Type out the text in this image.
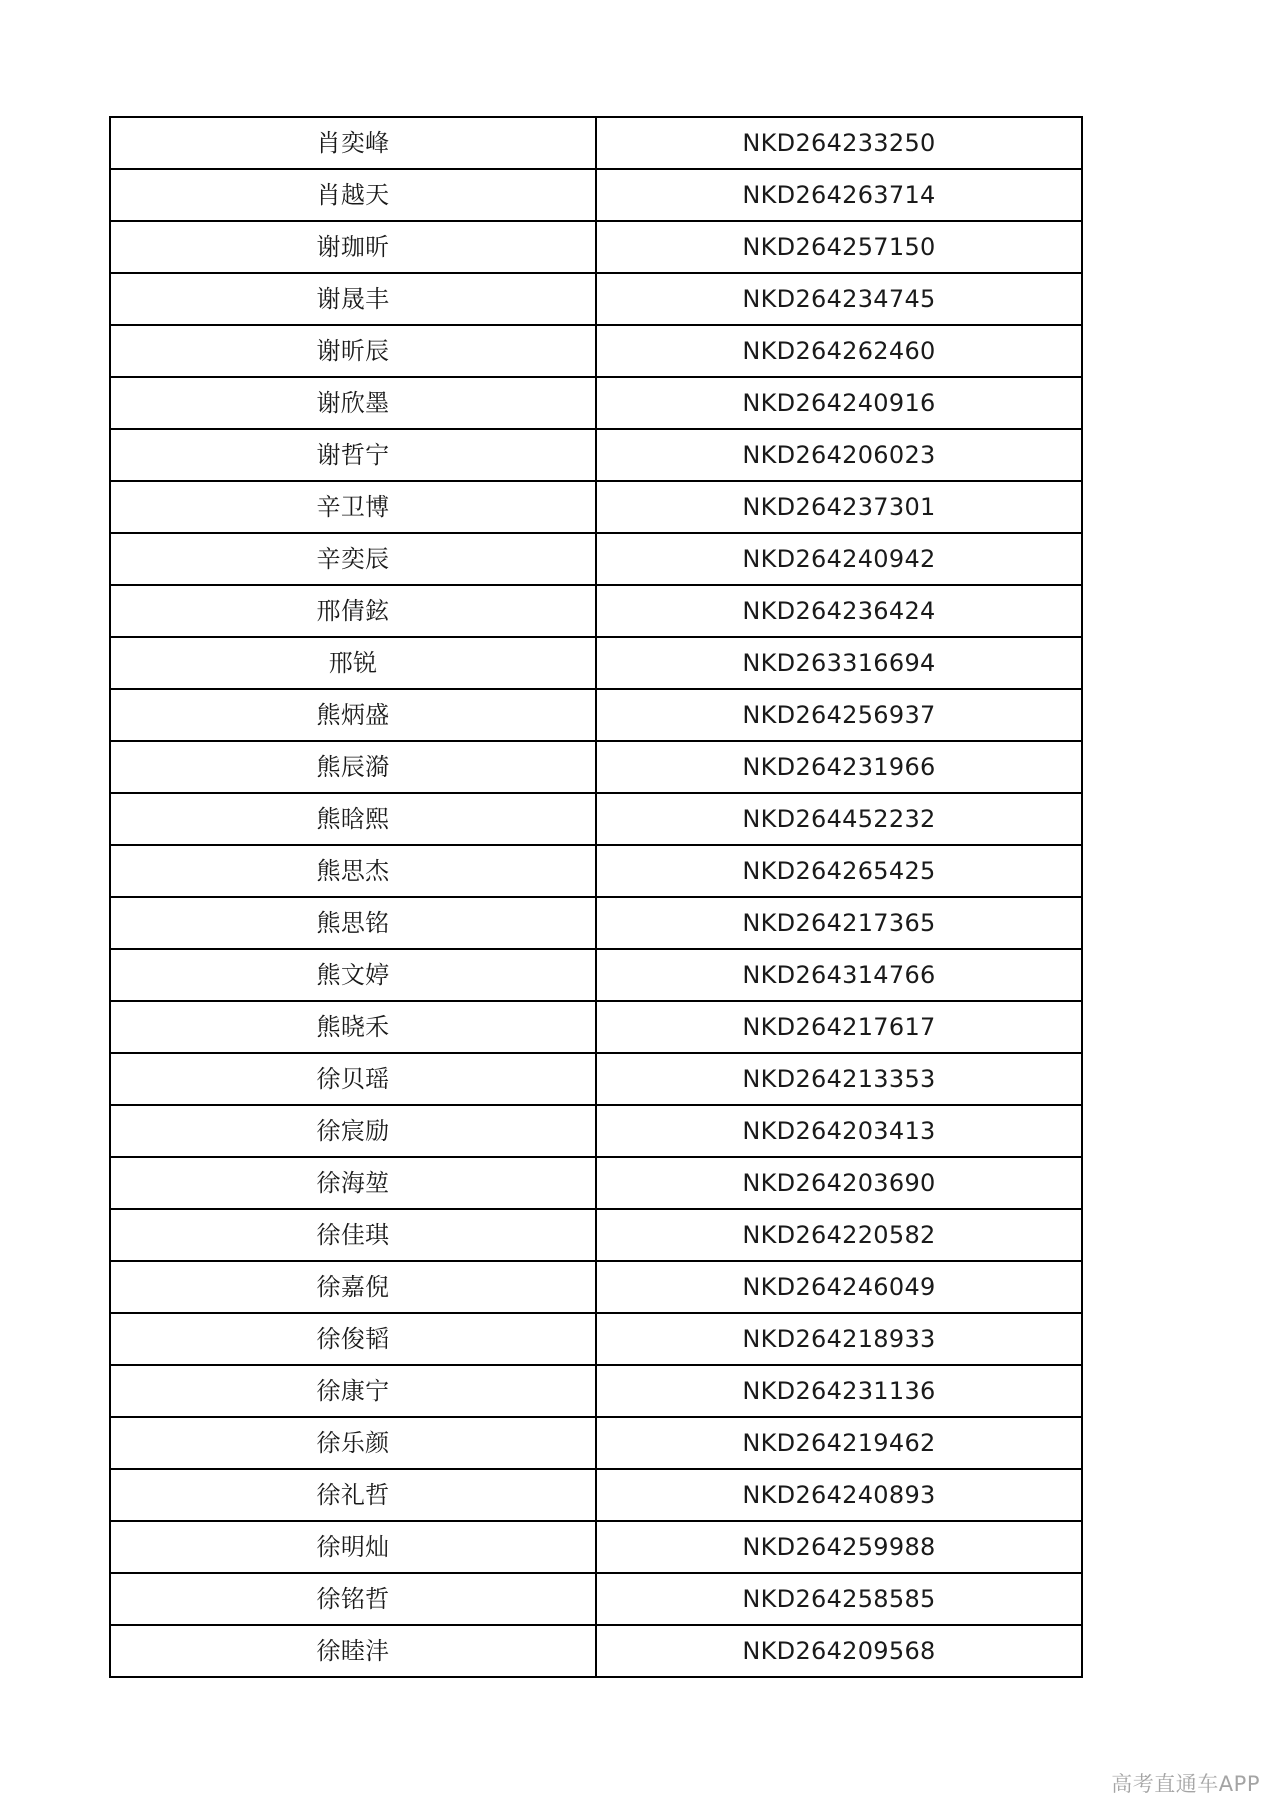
肖奕峰	NKD264233250
肖越天	NKD264263714
谢珈昕	NKD264257150
谢晟丰	NKD264234745
谢昕辰	NKD264262460
谢欣墨	NKD264240916
谢哲宁	NKD264206023
辛卫博	NKD264237301
辛奕辰	NKD264240942
邢倩鉉	NKD264236424
邢锐	NKD263316694
熊炳盛	NKD264256937
熊辰漪	NKD264231966
熊晗熙	NKD264452232
熊思杰	NKD264265425
熊思铭	NKD264217365
熊文婷	NKD264314766
熊晓禾	NKD264217617
徐贝瑶	NKD264213353
徐宸励	NKD264203413
徐海堃	NKD264203690
徐佳琪	NKD264220582
徐嘉倪	NKD264246049
徐俊韬	NKD264218933
徐康宁	NKD264231136
徐乐颜	NKD264219462
徐礼哲	NKD264240893
徐明灿	NKD264259988
徐铭哲	NKD264258585
徐睦沣	NKD264209568
高考直通车APP
